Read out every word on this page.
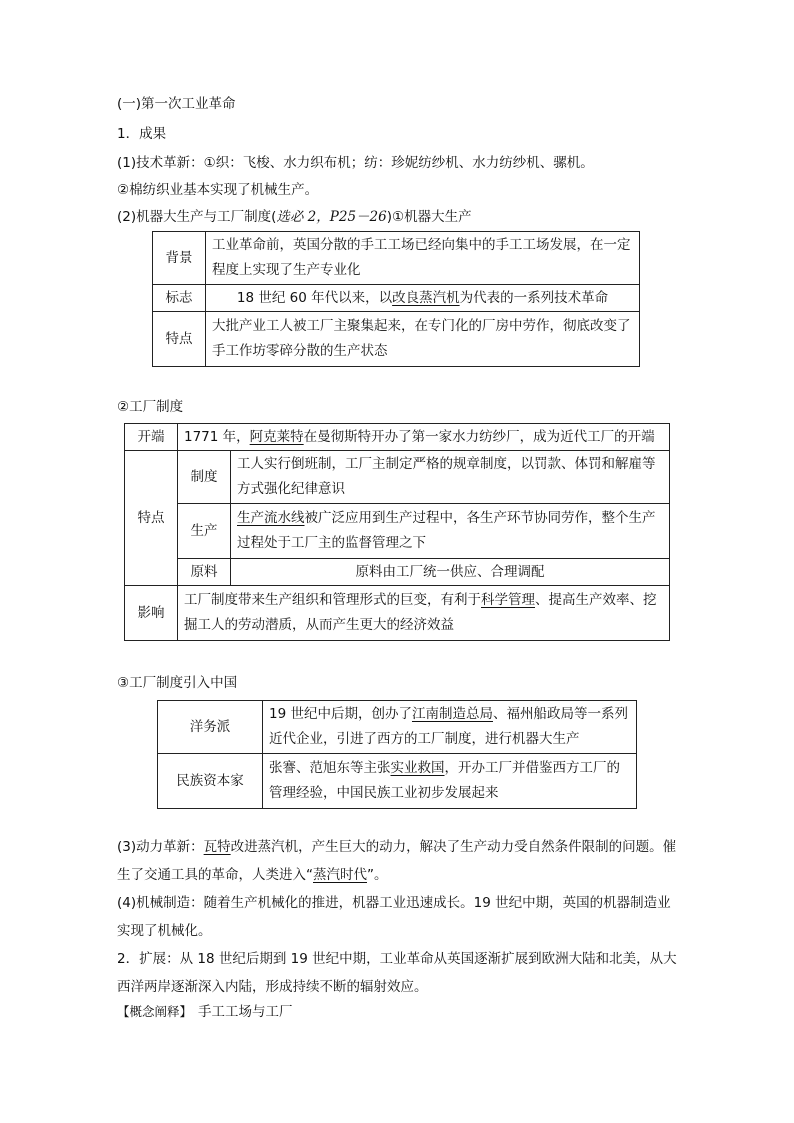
(一)第一次工业革命
1．成果
(1)技术革新：①织：飞梭、水力织布机；纺：珍妮纺纱机、水力纺纱机、骡机。
②棉纺织业基本实现了机械生产。
(2)机器大生产与工厂制度(选必 2，P25－26)①机器大生产
背景	工业革命前，英国分散的手工工场已经向集中的手工工场发展，在一定程度上实现了生产专业化
标志	18 世纪 60 年代以来，以改良蒸汽机为代表的一系列技术革命
特点	大批产业工人被工厂主聚集起来，在专门化的厂房中劳作，彻底改变了手工作坊零碎分散的生产状态
②工厂制度
开端	1771 年，阿克莱特在曼彻斯特开办了第一家水力纺纱厂，成为近代工厂的开端	
特点	制度	工人实行倒班制，工厂主制定严格的规章制度，以罚款、体罚和解雇等方式强化纪律意识
	生产	生产流水线被广泛应用到生产过程中，各生产环节协同劳作，整个生产过程处于工厂主的监督管理之下
	原料	原料由工厂统一供应、合理调配
影响	工厂制度带来生产组织和管理形式的巨变，有利于科学管理、提高生产效率、挖掘工人的劳动潜质，从而产生更大的经济效益	
③工厂制度引入中国
洋务派	19 世纪中后期，创办了江南制造总局、福州船政局等一系列近代企业，引进了西方的工厂制度，进行机器大生产
民族资本家	张謇、范旭东等主张实业救国，开办工厂并借鉴西方工厂的管理经验，中国民族工业初步发展起来
(3)动力革新：瓦特改进蒸汽机，产生巨大的动力，解决了生产动力受自然条件限制的问题。催生了交通工具的革命，人类进入“蒸汽时代”。
(4)机械制造：随着生产机械化的推进，机器工业迅速成长。19 世纪中期，英国的机器制造业实现了机械化。
2．扩展：从 18 世纪后期到 19 世纪中期，工业革命从英国逐渐扩展到欧洲大陆和北美，从大西洋两岸逐渐深入内陆，形成持续不断的辐射效应。
【概念阐释】 手工工场与工厂
